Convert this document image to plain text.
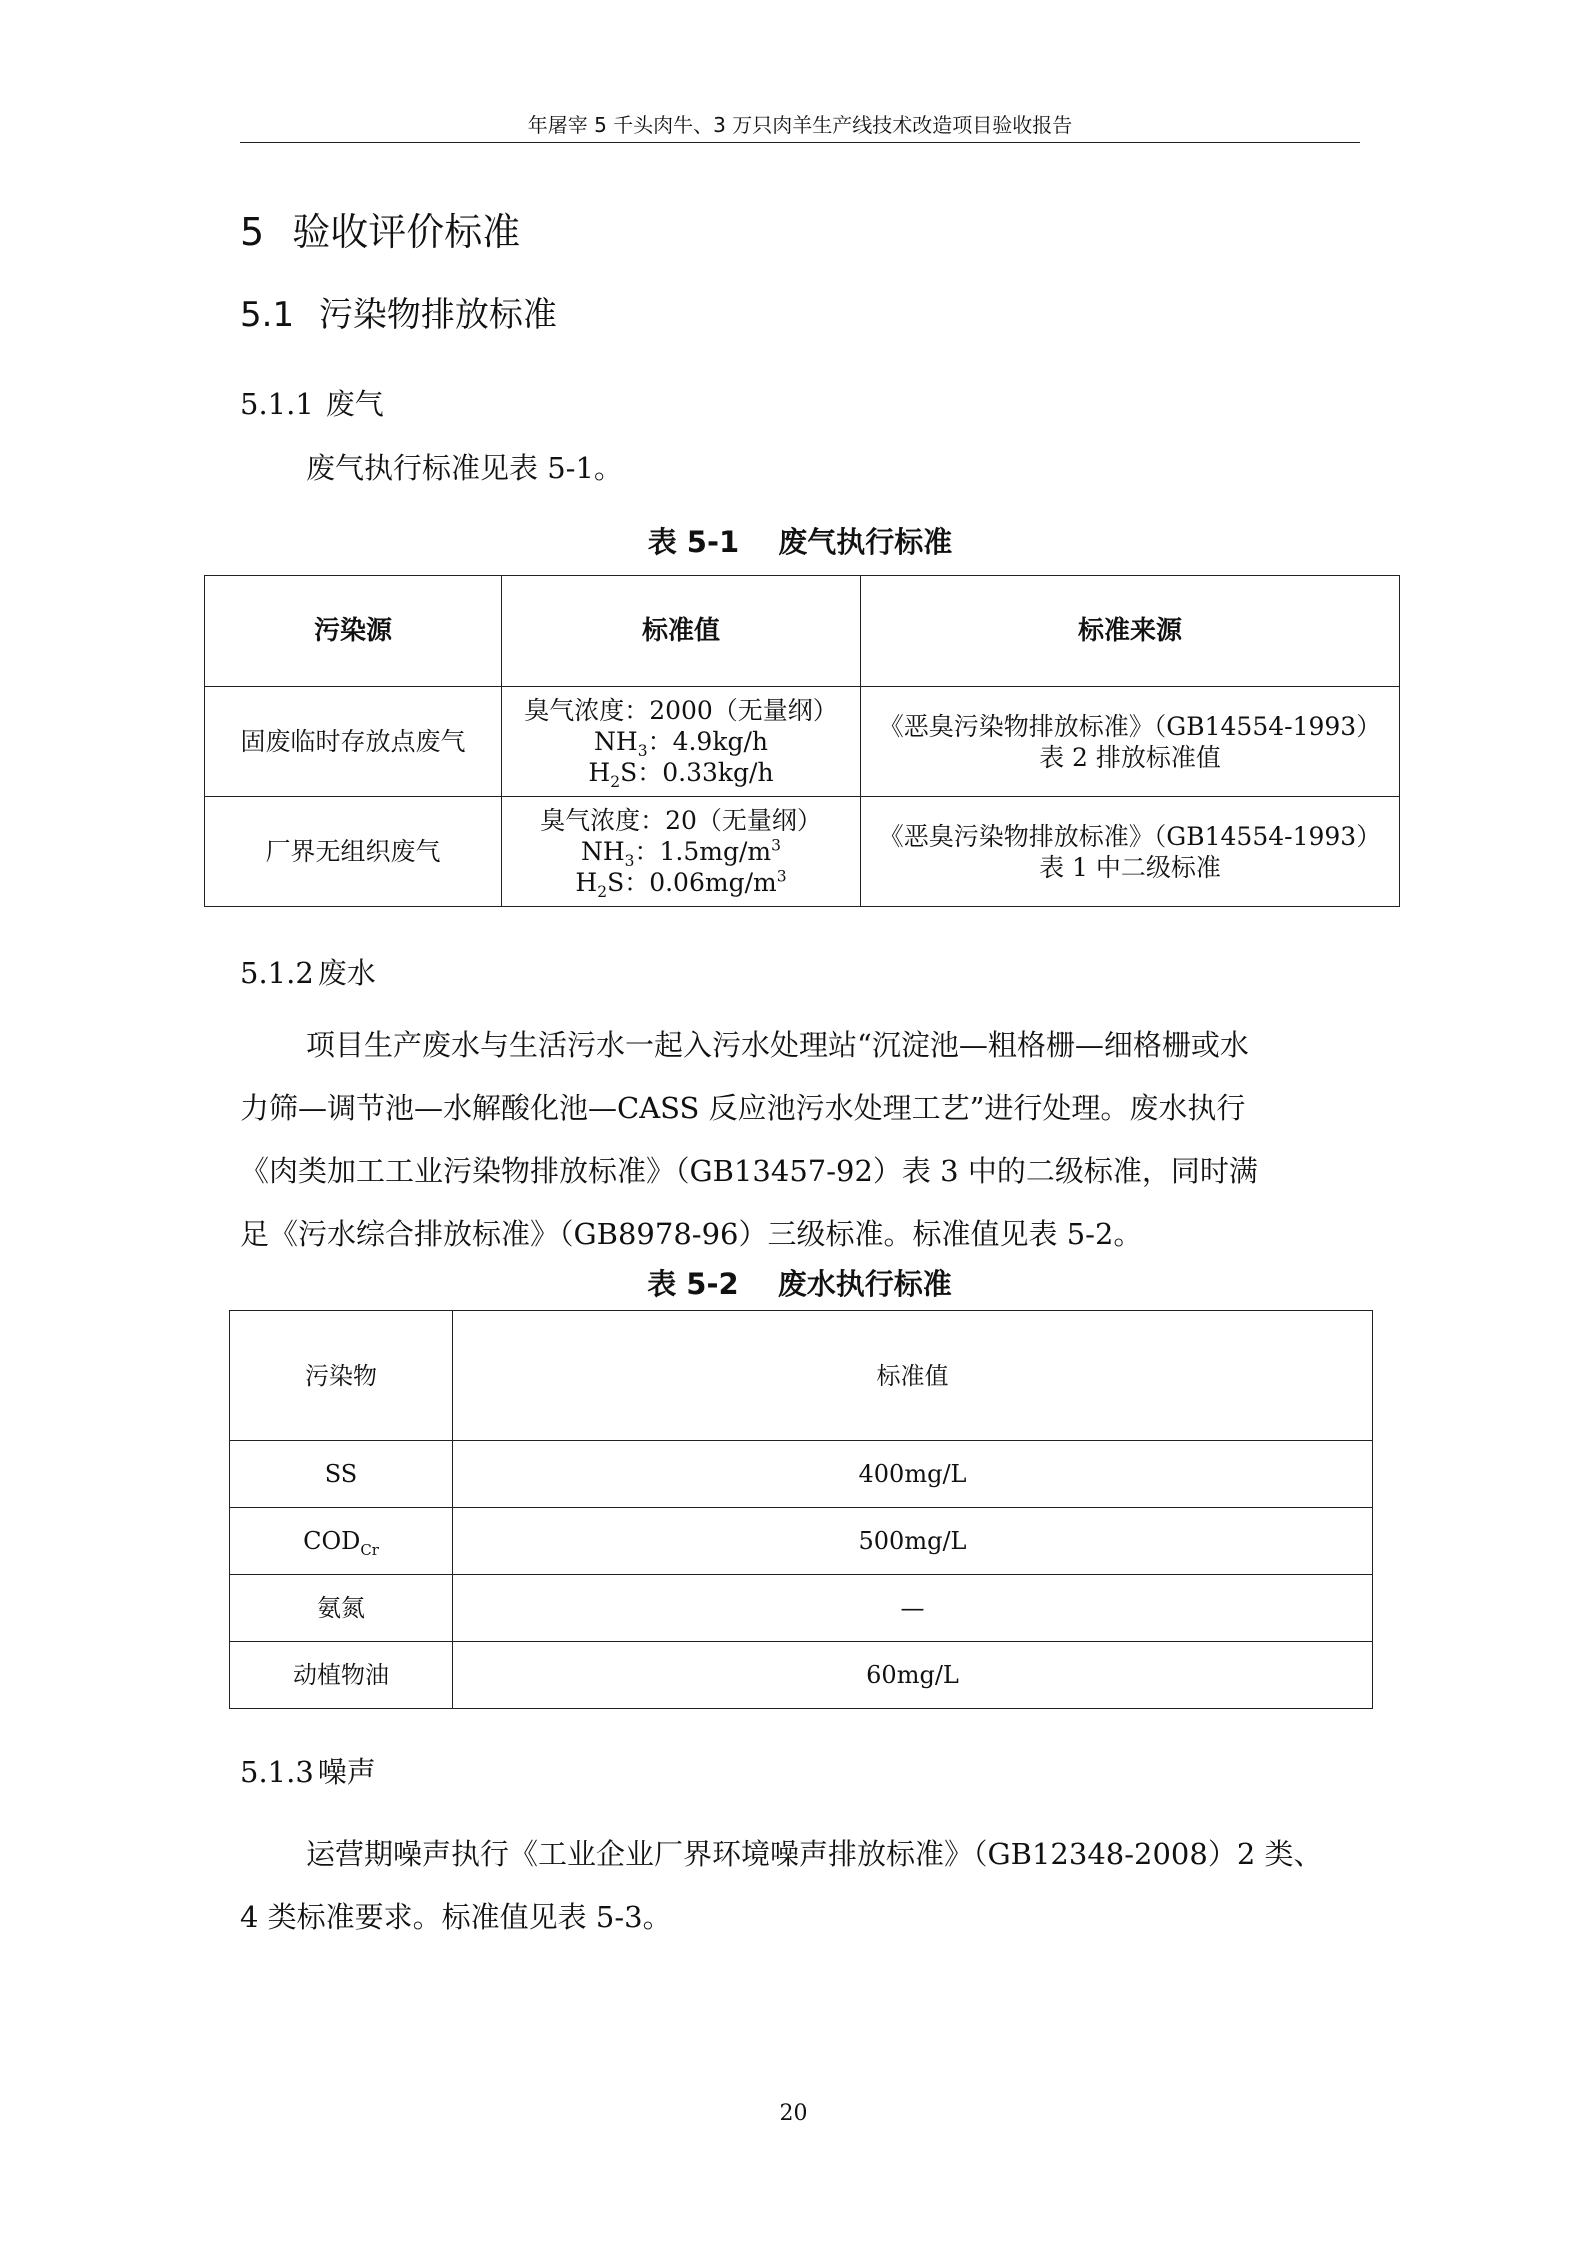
年屠宰 5 千头肉牛、3 万只肉羊生产线技术改造项目验收报告
5 验收评价标准
5.1 污染物排放标准
5.1.1 废气
废气执行标准见表 5-1。
表 5-1　 废气执行标准
污染源	标准值	标准来源
固废临时存放点废气	臭气浓度：2000（无量纲）
$NH_3$：4.9kg/h
$H_2S$：0.33kg/h	《恶臭污染物排放标准》（GB14554-1993）
表 2 排放标准值

厂界无组织废气	臭气浓度：20（无量纲）
$NH_3$：$1.5mg/m^3$
$H_2S$：$0.06mg/m^3$	《恶臭污染物排放标准》（GB14554-1993）
表 1 中二级标准
5.1.2 废水
项目生产废水与生活污水一起入污水处理站“沉淀池—粗格栅—细格栅或水
力筛—调节池—水解酸化池—CASS 反应池污水处理工艺”进行处理。废水执行
《肉类加工工业污染物排放标准》（GB13457-92）表 3 中的二级标准，同时满
足《污水综合排放标准》（GB8978-96）三级标准。标准值见表 5-2。
表 5-2　 废水执行标准
污染物	标准值
SS	400mg/L
$COD_{Cr}$	500mg/L
氨氮	—
动植物油	60mg/L
5.1.3 噪声
运营期噪声执行《工业企业厂界环境噪声排放标准》（GB12348-2008）2 类、
4 类标准要求。标准值见表 5-3。
20
